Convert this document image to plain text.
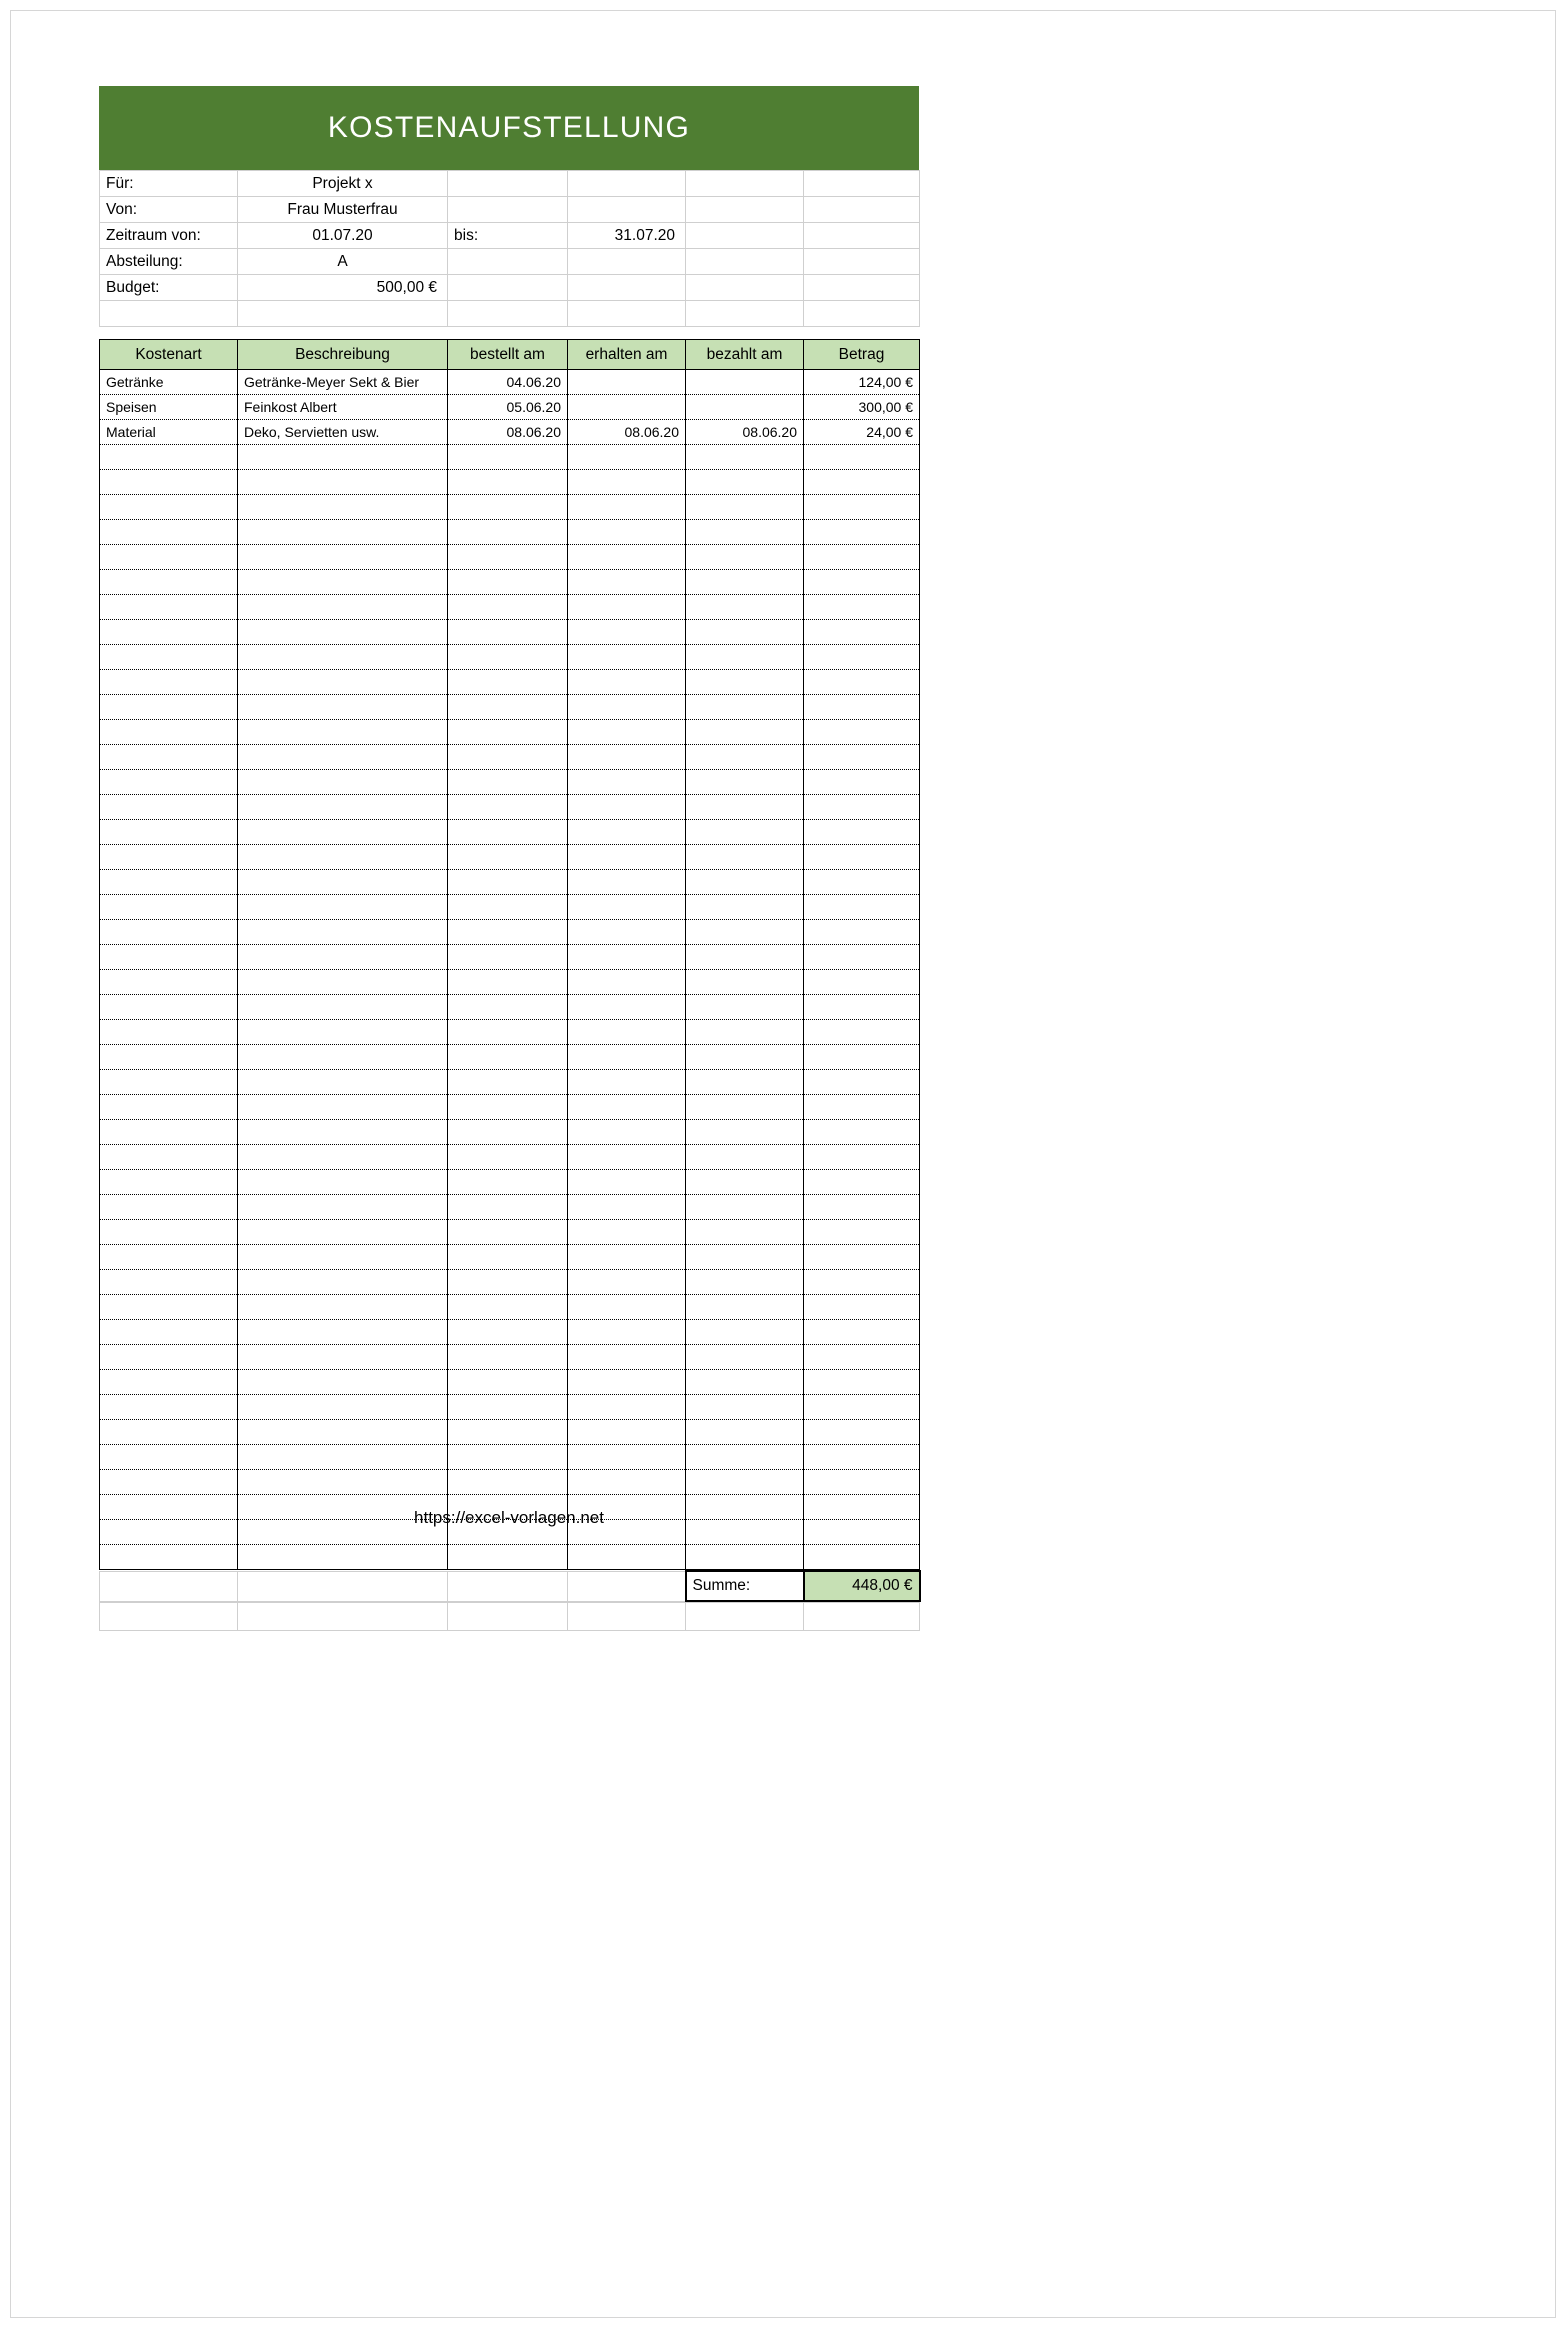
KOSTENAUFSTELLUNG
Für:	Projekt x				
Von:	Frau Musterfrau				
Zeitraum von:	01.07.20	bis:	31.07.20		
Absteilung:	A				
Budget:	500,00 €				

Kostenart	Beschreibung	bestellt am	erhalten am	bezahlt am	Betrag
Getränke	Getränke-Meyer Sekt & Bier	04.06.20			124,00 €
Speisen	Feinkost Albert	05.06.20			300,00 €
Material	Deko, Servietten usw.	08.06.20	08.06.20	08.06.20	24,00 €

				Summe:	448,00 €

https://excel-vorlagen.net
